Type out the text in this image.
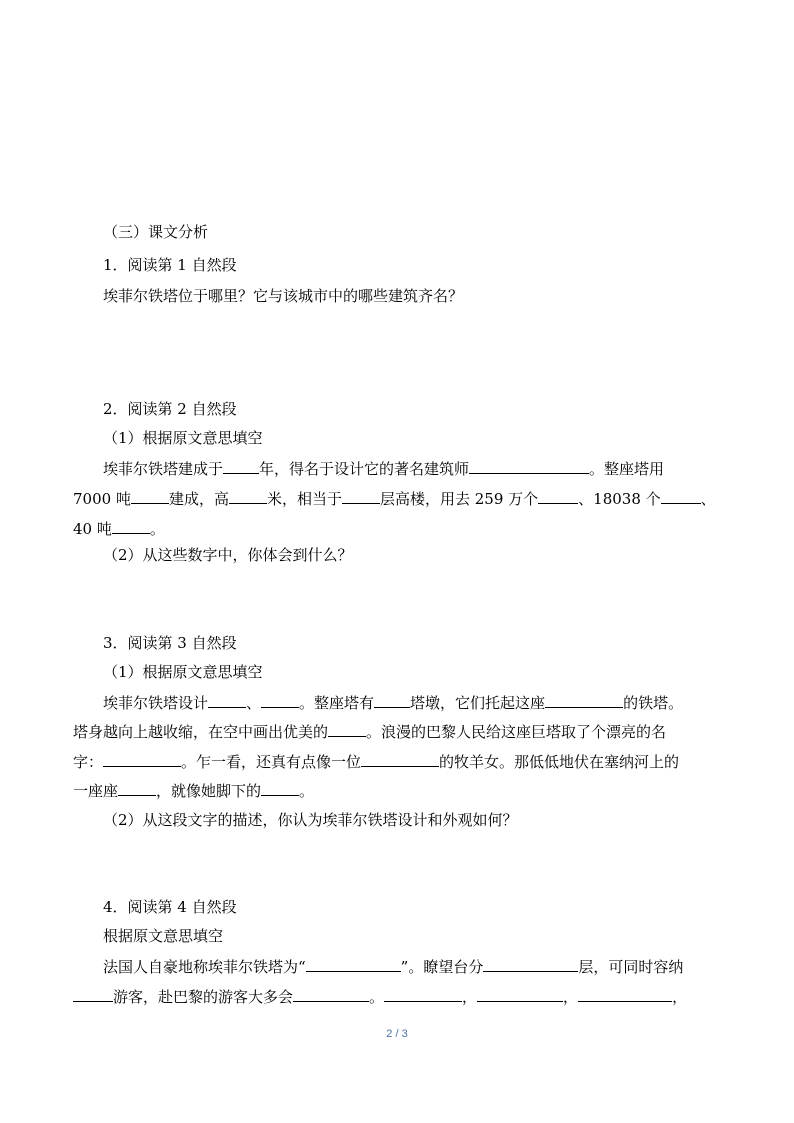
（三）课文分析
1．阅读第 1 自然段
埃菲尔铁塔位于哪里？它与该城市中的哪些建筑齐名？
2．阅读第 2 自然段
（1）根据原文意思填空
埃菲尔铁塔建成于 年，得名于设计它的著名建筑师	。整座塔用
7000 吨	建成，高	米，相当于	层高楼，用去 259 万个	、18038 个	、
40 吨	。
（2）从这些数字中，你体会到什么？
3．阅读第 3 自然段
（1）根据原文意思填空
埃菲尔铁塔设计	、	。整座塔有 塔墩，它们托起这座	的铁塔。
塔身越向上越收缩，在空中画出优美的	。浪漫的巴黎人民给这座巨塔取了个漂亮的名
字：	。乍一看，还真有点像一位	的牧羊女。那低低地伏在塞纳河上的
一座座	，就像她脚下的	。
（2）从这段文字的描述，你认为埃菲尔铁塔设计和外观如何？
4．阅读第 4 自然段
根据原文意思填空
法国人自豪地称埃菲尔铁塔为“	”。瞭望台分	层，可同时容纳
游客，赴巴黎的游客大多会	。	，	，	，
2 / 3
